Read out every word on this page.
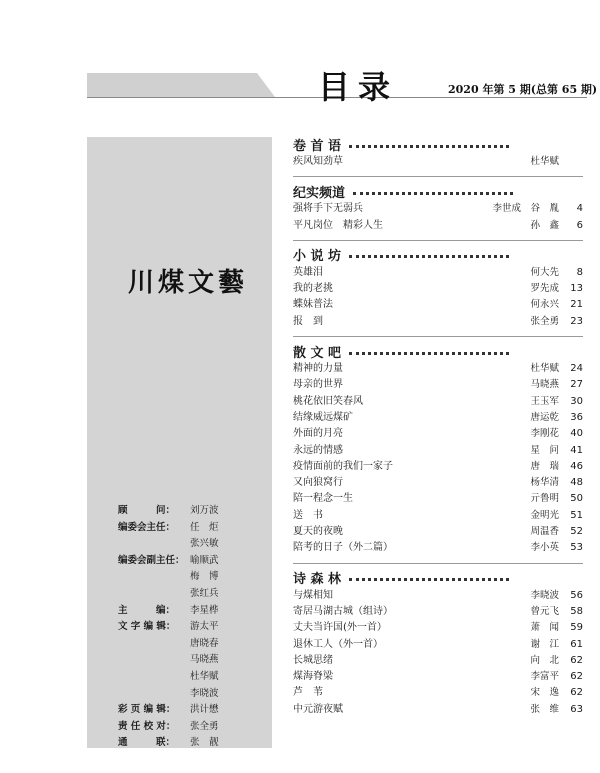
目录	2020 年第 5 期(总第 65 期)
川煤文藝
顾　　　问：	刘万波
编委会主任：	任　炬
张兴敏
编委会副主任： 喻顺武
梅　博
张红兵
主　　　编：	李星桦
文 字 编 辑：	游太平
唐晓春
马晓燕
杜华赋
李晓波
彩 页 编 辑：	洪计懋
责 任 校 对：	张全勇
通　　　联：	张　靓
卷 首 语
疾风知劲草	杜华赋
纪实频道
强将手下无弱兵	李世成　谷　胤	4
平凡岗位　精彩人生	孙　鑫	6
小 说 坊
英雄泪	何大先	8
我的老挑	罗先成	13
蝶妹普法	何永兴	21
报　到	张全勇	23
散 文 吧
精神的力量	杜华赋	24
母亲的世界	马晓燕	27
桃花依旧笑春风	王玉军	30
结缘威远煤矿	唐运乾	36
外面的月亮	李刚花	40
永远的情感	星　问	41
疫情面前的我们一家子	唐　瑞	46
又向狼窝行	杨华清	48
陪一程念一生	亓鲁明	50
送　书	金明光	51
夏天的夜晚	周温香	52
陪考的日子（外二篇）	李小英	53
诗 森 林
与煤相知	李晓波	56
寄居马湖古城（组诗）	曾元飞	58
丈夫当许国(外一首）	萧　闻	59
退休工人（外一首）	谢　江	61
长城思绪	向　北	62
煤海脊梁	李富平	62
芦　苇	宋　逸	62
中元游夜赋	张　维	63
